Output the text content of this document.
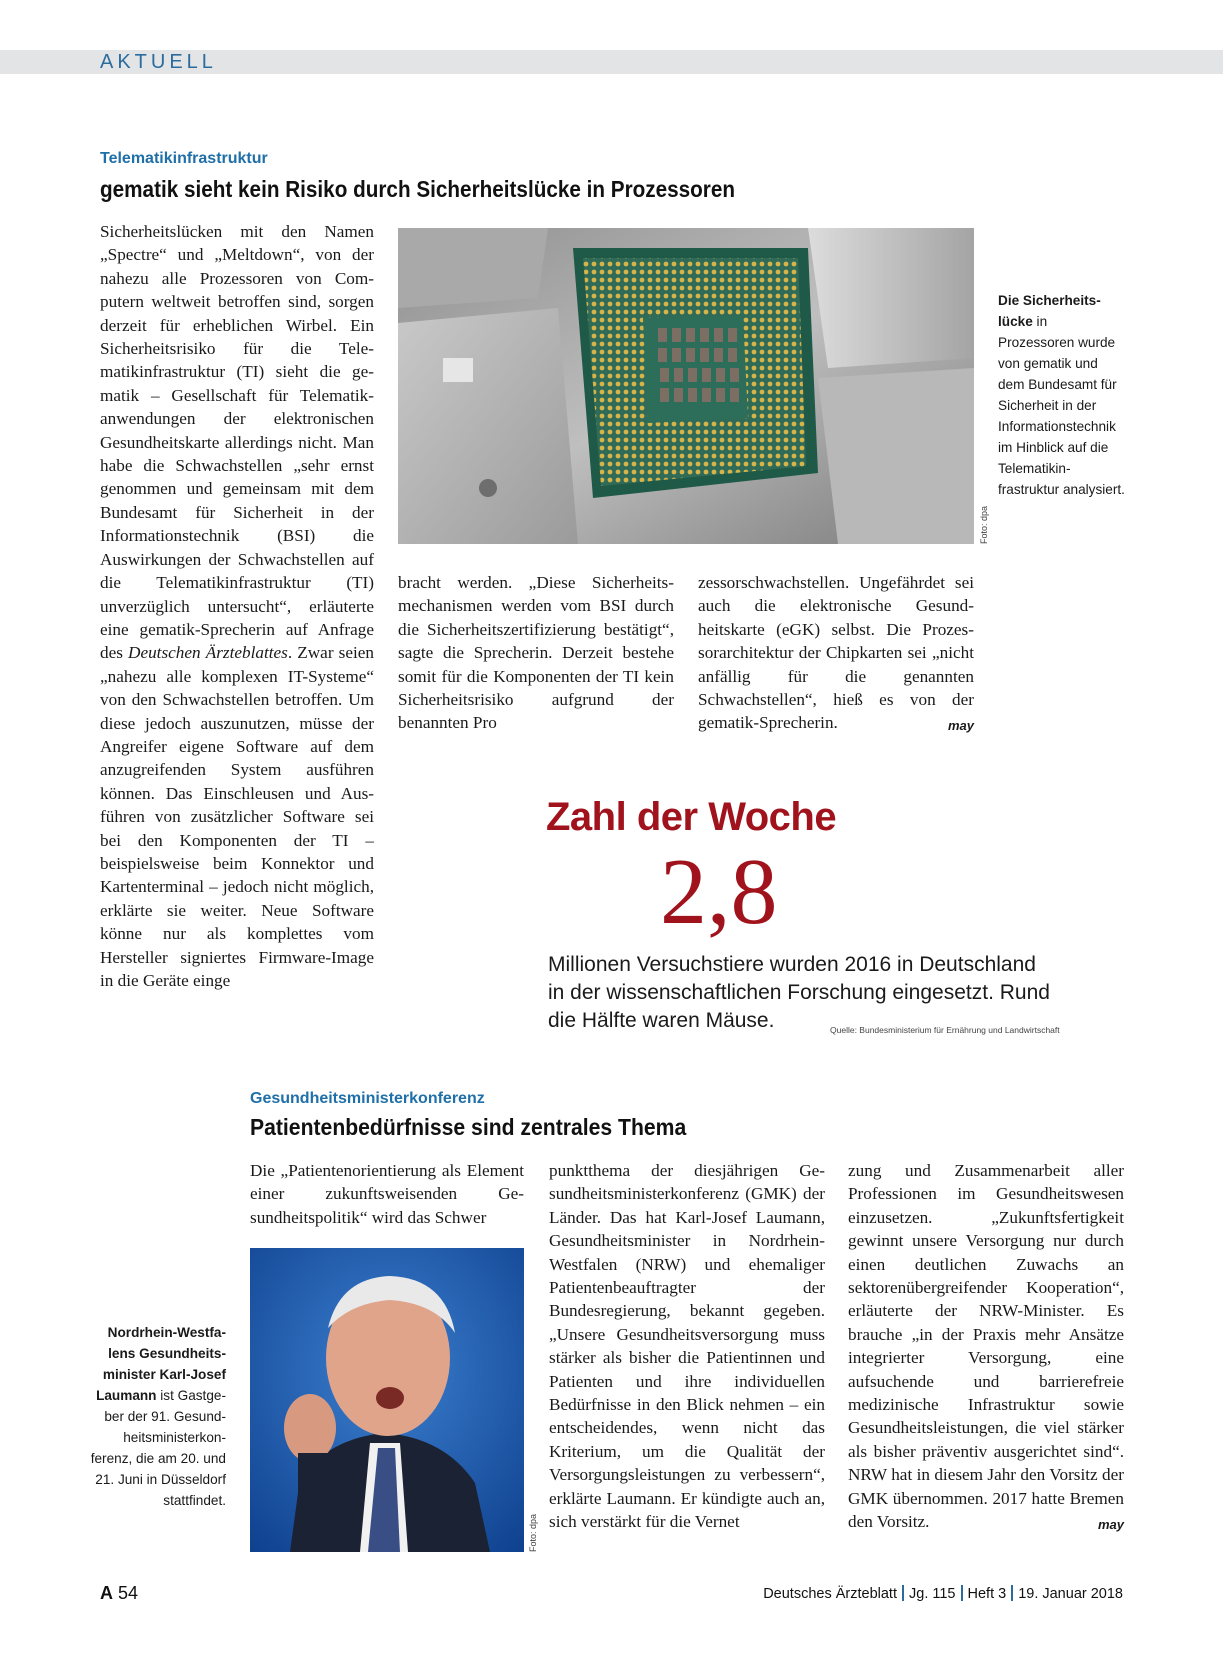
AKTUELL
Telematikinfrastruktur
gematik sieht kein Risiko durch Sicherheitslücke in Prozessoren
Sicherheitslücken mit den Namen „Spectre“ und „Meltdown“, von der nahezu alle Prozessoren von Computern weltweit betroffen sind, sorgen derzeit für erheblichen Wirbel. Ein Sicherheitsrisiko für die Telematikinfrastruktur (TI) sieht die gematik – Gesellschaft für Telematikanwendungen der elektronischen Gesundheitskarte allerdings nicht. Man habe die Schwachstellen „sehr ernst genommen und gemeinsam mit dem Bundesamt für Sicherheit in der Informationstechnik (BSI) die Auswirkungen der Schwachstellen auf die Telematikinfrastruktur (TI) unverzüglich untersucht“, erläuterte eine gematik-Sprecherin auf Anfrage des Deutschen Ärzteblattes. Zwar seien „nahezu alle komplexen IT-Systeme“ von den Schwachstellen betroffen. Um diese jedoch auszunutzen, müsse der Angreifer eigene Software auf dem anzugreifenden System ausführen können. Das Einschleusen und Ausführen von zusätzlicher Software sei bei den Komponenten der TI – beispielsweise beim Konnektor und Kartenterminal – jedoch nicht möglich, erklärte sie weiter. Neue Software könne nur als komplettes vom Hersteller signiertes Firmware-Image in die Geräte einge
Foto: dpa
Die Sicherheitslücke in Prozessoren wurde von gematik und dem Bundesamt für Sicherheit in der Informationstechnik im Hinblick auf die Telematikinfrastruktur analysiert.
bracht werden. „Diese Sicherheitsmechanismen werden vom BSI durch die Sicherheitszertifizierung bestätigt“, sagte die Sprecherin. Derzeit bestehe somit für die Komponenten der TI kein Sicherheitsrisiko aufgrund der benannten Pro
zessorschwachstellen. Ungefährdet sei auch die elektronische Gesundheitskarte (eGK) selbst. Die Prozessorarchitektur der Chipkarten sei „nicht anfällig für die genannten Schwachstellen“, hieß es von der gematik-Sprecherin.	may
Zahl der Woche
2,8
Millionen Versuchstiere wurden 2016 in Deutschland in der wissenschaftlichen Forschung eingesetzt. Rund die Hälfte waren Mäuse.	Quelle: Bundesministerium für Ernährung und Landwirtschaft
Gesundheitsministerkonferenz
Patientenbedürfnisse sind zentrales Thema
Die „Patientenorientierung als Element einer zukunftsweisenden Gesundheitspolitik“ wird das Schwer
Foto: dpa
Nordrhein-Westfalens Gesundheitsminister Karl-Josef Laumann ist Gastgeber der 91. Gesundheitsministerkonferenz, die am 20. und 21. Juni in Düsseldorf stattfindet.
punktthema der diesjährigen Gesundheitsministerkonferenz (GMK) der Länder. Das hat Karl-Josef Laumann, Gesundheitsminister in Nordrhein-Westfalen (NRW) und ehemaliger Patientenbeauftragter der Bundesregierung, bekannt gegeben. „Unsere Gesundheitsversorgung muss stärker als bisher die Patientinnen und Patienten und ihre individuellen Bedürfnisse in den Blick nehmen – ein entscheidendes, wenn nicht das Kriterium, um die Qualität der Versorgungsleistungen zu verbessern“, erklärte Laumann. Er kündigte auch an, sich verstärkt für die Vernet
zung und Zusammenarbeit aller Professionen im Gesundheitswesen einzusetzen. „Zukunftsfertigkeit gewinnt unsere Versorgung nur durch einen deutlichen Zuwachs an sektorenübergreifender Kooperation“, erläuterte der NRW-Minister. Es brauche „in der Praxis mehr Ansätze integrierter Versorgung, eine aufsuchende und barrierefreie medizinische Infrastruktur sowie Gesundheitsleistungen, die viel stärker als bisher präventiv ausgerichtet sind“. NRW hat in diesem Jahr den Vorsitz der GMK übernommen. 2017 hatte Bremen den Vorsitz.	may
A 54	Deutsches Ärzteblatt Jg. 115 Heft 3 19. Januar 2018
